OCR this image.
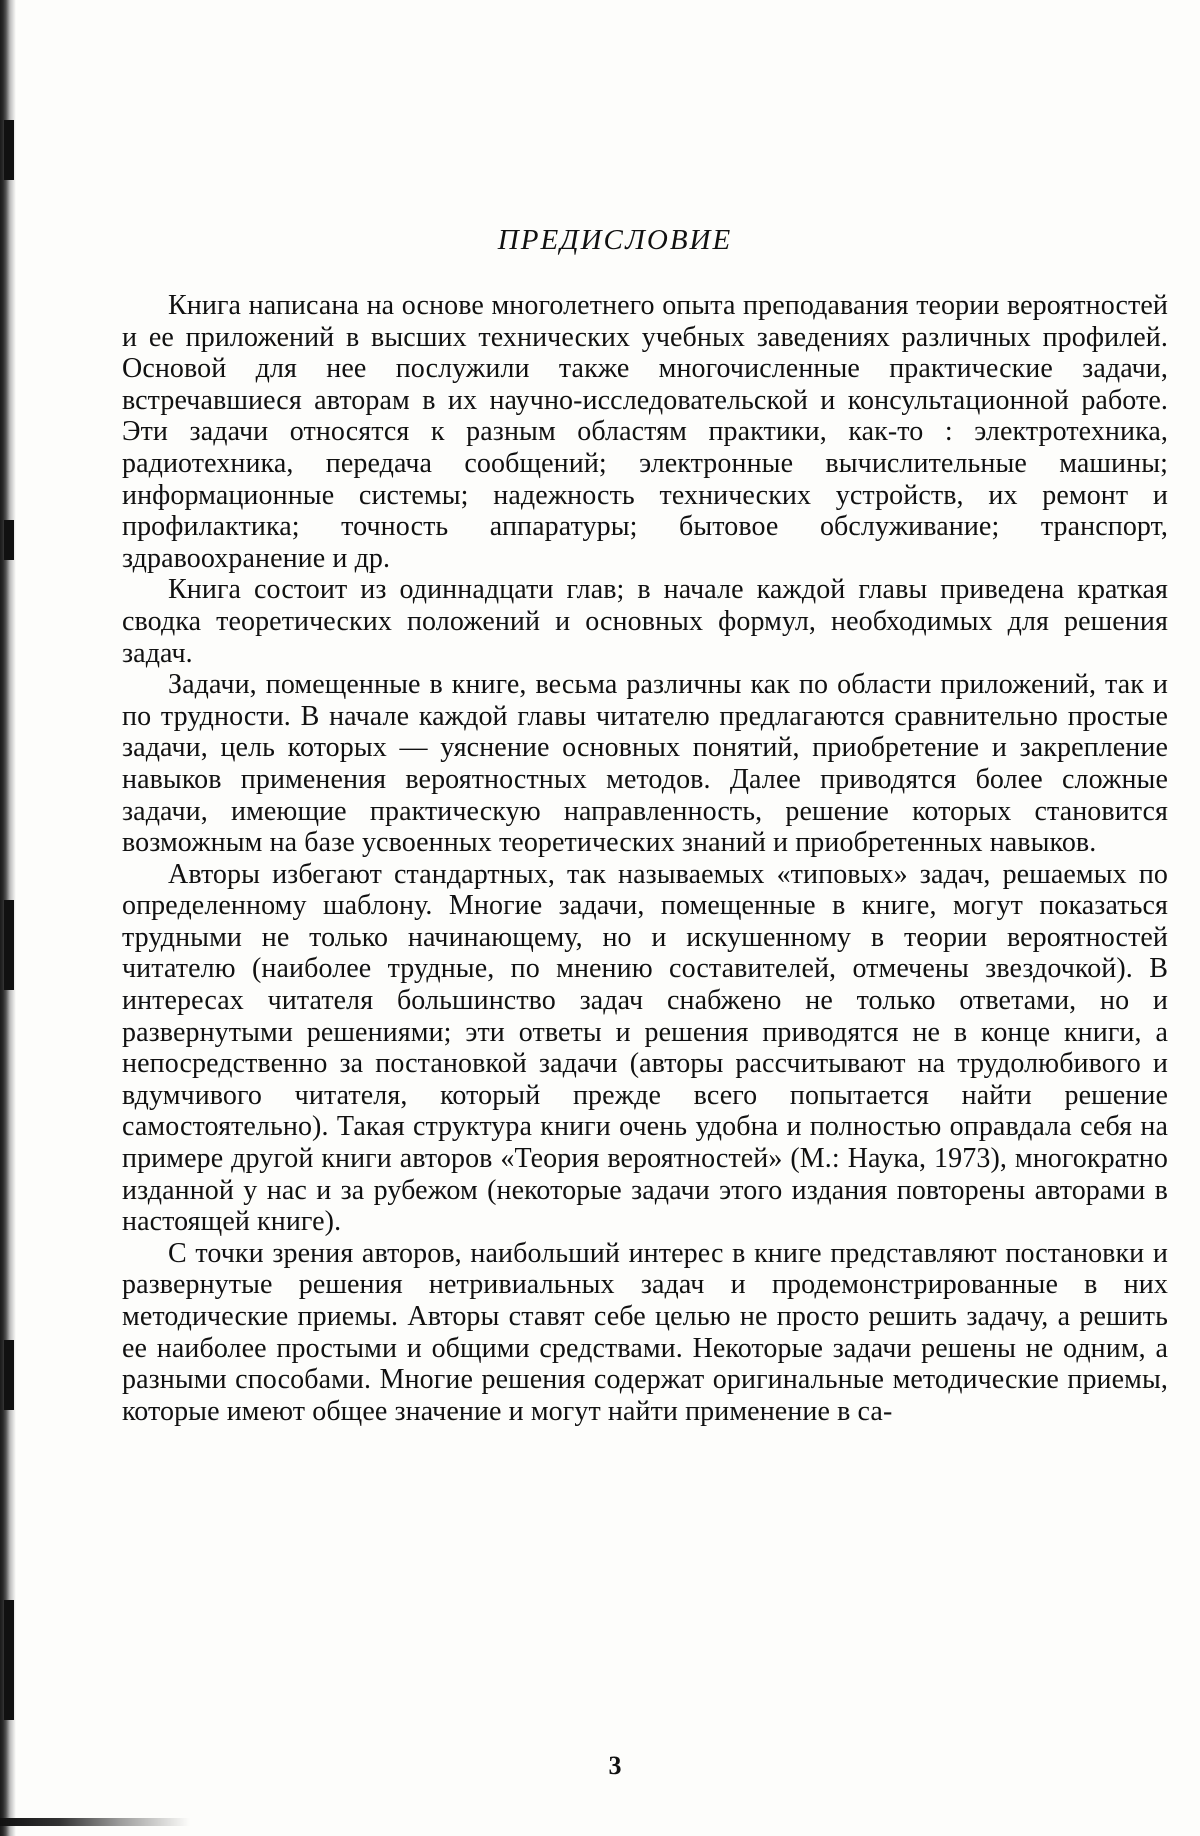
ПРЕДИСЛОВИЕ

Книга написана на основе многолетнего опыта преподавания теории вероятностей и ее приложений в высших технических учебных заведениях различных профилей. Основой для нее послужили также многочисленные практические задачи, встречавшиеся авторам в их научно-исследовательской и консультационной работе. Эти задачи относятся к разным областям практики, как-то : электротехника, радиотехника, передача сообщений; электронные вычислительные машины; информационные системы; надежность технических устройств, их ремонт и профилактика; точность аппаратуры; бытовое обслуживание; транспорт, здравоохранение и др.

Книга состоит из одиннадцати глав; в начале каждой главы приведена краткая сводка теоретических положений и основных формул, необходимых для решения задач.

Задачи, помещенные в книге, весьма различны как по области приложений, так и по трудности. В начале каждой главы читателю предлагаются сравнительно простые задачи, цель которых — уяснение основных понятий, приобретение и закрепление навыков применения вероятностных методов. Далее приводятся более сложные задачи, имеющие практическую направленность, решение которых становится возможным на базе усвоенных теоретических знаний и приобретенных навыков.

Авторы избегают стандартных, так называемых «типовых» задач, решаемых по определенному шаблону. Многие задачи, помещенные в книге, могут показаться трудными не только начинающему, но и искушенному в теории вероятностей читателю (наиболее трудные, по мнению составителей, отмечены звездочкой). В интересах читателя большинство задач снабжено не только ответами, но и развернутыми решениями; эти ответы и решения приводятся не в конце книги, а непосредственно за постановкой задачи (авторы рассчитывают на трудолюбивого и вдумчивого читателя, который прежде всего попытается найти решение самостоятельно). Такая структура книги очень удобна и полностью оправдала себя на примере другой книги авторов «Теория вероятностей» (М.: Наука, 1973), многократно изданной у нас и за рубежом (некоторые задачи этого издания повторены авторами в настоящей книге).

С точки зрения авторов, наибольший интерес в книге представляют постановки и развернутые решения нетривиальных задач и продемонстрированные в них методические приемы. Авторы ставят себе целью не просто решить задачу, а решить ее наиболее простыми и общими средствами. Некоторые задачи решены не одним, а разными способами. Многие решения содержат оригинальные методические приемы, которые имеют общее значение и могут найти применение в са-

3
